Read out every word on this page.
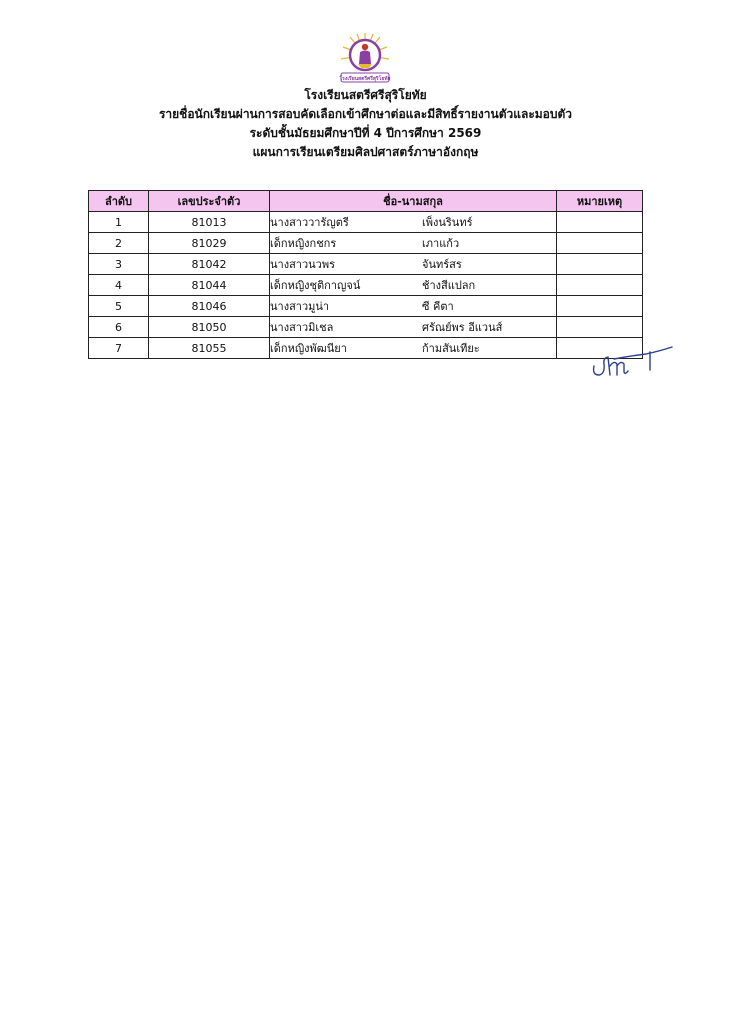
โรงเรียนสตรีศรีสุริโยทัย
โรงเรียนสตรีศรีสุริโยทัย
รายชื่อนักเรียนผ่านการสอบคัดเลือกเข้าศึกษาต่อและมีสิทธิ์รายงานตัวและมอบตัว
ระดับชั้นมัธยมศึกษาปีที่ 4 ปีการศึกษา 2569
แผนการเรียนเตรียมศิลปศาสตร์ภาษาอังกฤษ
ลำดับ	เลขประจำตัว	ชื่อ-นามสกุล	หมายเหตุ
1	81013	นางสาววารัญตรี เพ็งนรินทร์	
2	81029	เด็กหญิงกชกร เภาแก้ว	
3	81042	นางสาวนวพร จันทร์สร	
4	81044	เด็กหญิงชุติกาญจน์ ช้างสีแปลก	
5	81046	นางสาวมูน่า ซี คีตา	
6	81050	นางสาวมิเชล ศรัณย์พร อีแวนส์	
7	81055	เด็กหญิงพัฒนียา ก้ามสันเทียะ	
